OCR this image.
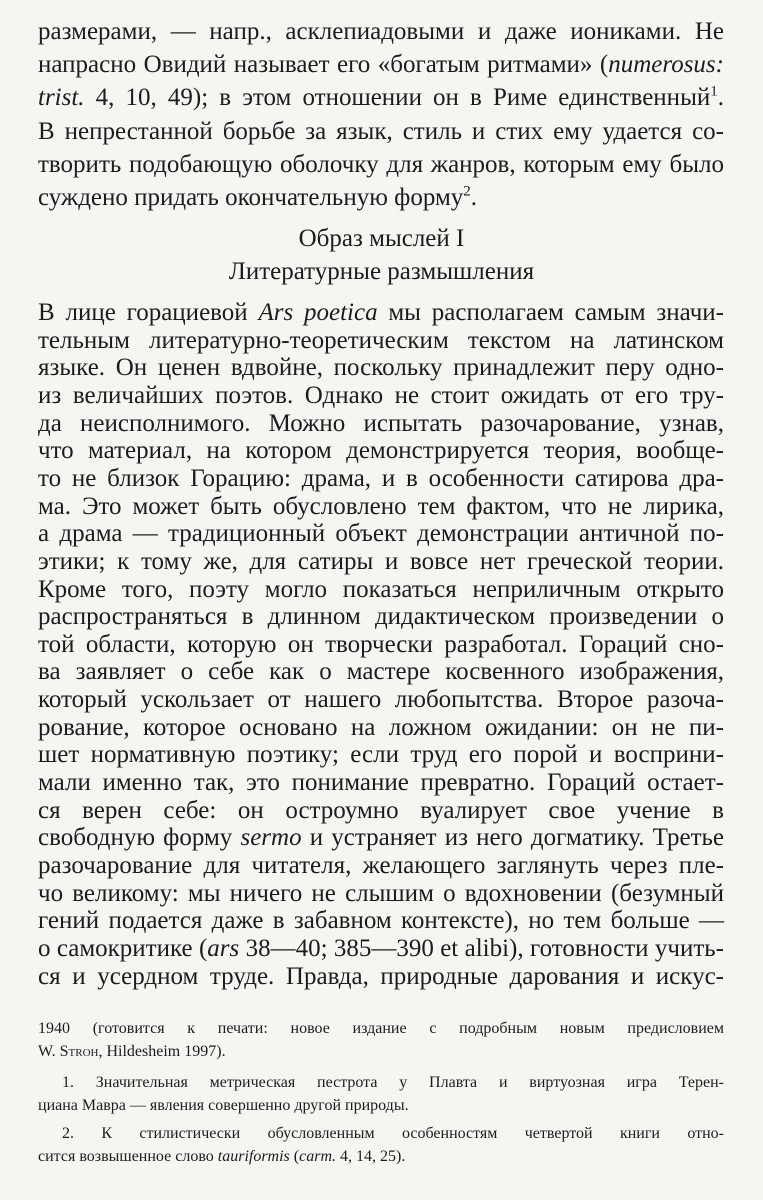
размерами, — напр., асклепиадовыми и даже иониками. Не
напрасно Овидий называет его «богатым ритмами» (numerosus:
trist. 4, 10, 49); в этом отношении он в Риме единственный$^1$.
В непрестанной борьбе за язык, стиль и стих ему удается со-
творить подобающую оболочку для жанров, которым ему было
суждено придать окончательную форму$^2$.
Образ мыслей I
Литературные размышления
В лице горациевой Ars poetica мы располагаем самым значи-
тельным литературно-теоретическим текстом на латинском
языке. Он ценен вдвойне, поскольку принадлежит перу одно-
из величайших поэтов. Однако не стоит ожидать от его тру-
да неисполнимого. Можно испытать разочарование, узнав,
что материал, на котором демонстрируется теория, вообще-
то не близок Горацию: драма, и в особенности сатирова дра-
ма. Это может быть обусловлено тем фактом, что не лирика,
а драма — традиционный объект демонстрации античной по-
этики; к тому же, для сатиры и вовсе нет греческой теории.
Кроме того, поэту могло показаться неприличным открыто
распространяться в длинном дидактическом произведении о
той области, которую он творчески разработал. Гораций сно-
ва заявляет о себе как о мастере косвенного изображения,
который ускользает от нашего любопытства. Второе разоча-
рование, которое основано на ложном ожидании: он не пи-
шет нормативную поэтику; если труд его порой и восприни-
мали именно так, это понимание превратно. Гораций остает-
ся верен себе: он остроумно вуалирует свое учение в
свободную форму sermo и устраняет из него догматику. Третье
разочарование для читателя, желающего заглянуть через пле-
чо великому: мы ничего не слышим о вдохновении (безумный
гений подается даже в забавном контексте), но тем больше —
о самокритике (ars 38—40; 385—390 et alibi), готовности учить-
ся и усердном труде. Правда, природные дарования и искус-
1940 (готовится к печати: новое издание с подробным новым предисловием
W. Stroh, Hildesheim 1997).
1. Значительная метрическая пестрота у Плавта и виртуозная игра Терен-
циана Мавра — явления совершенно другой природы.
2. К стилистически обусловленным особенностям четвертой книги отно-
сится возвышенное слово tauriformis (carm. 4, 14, 25).
